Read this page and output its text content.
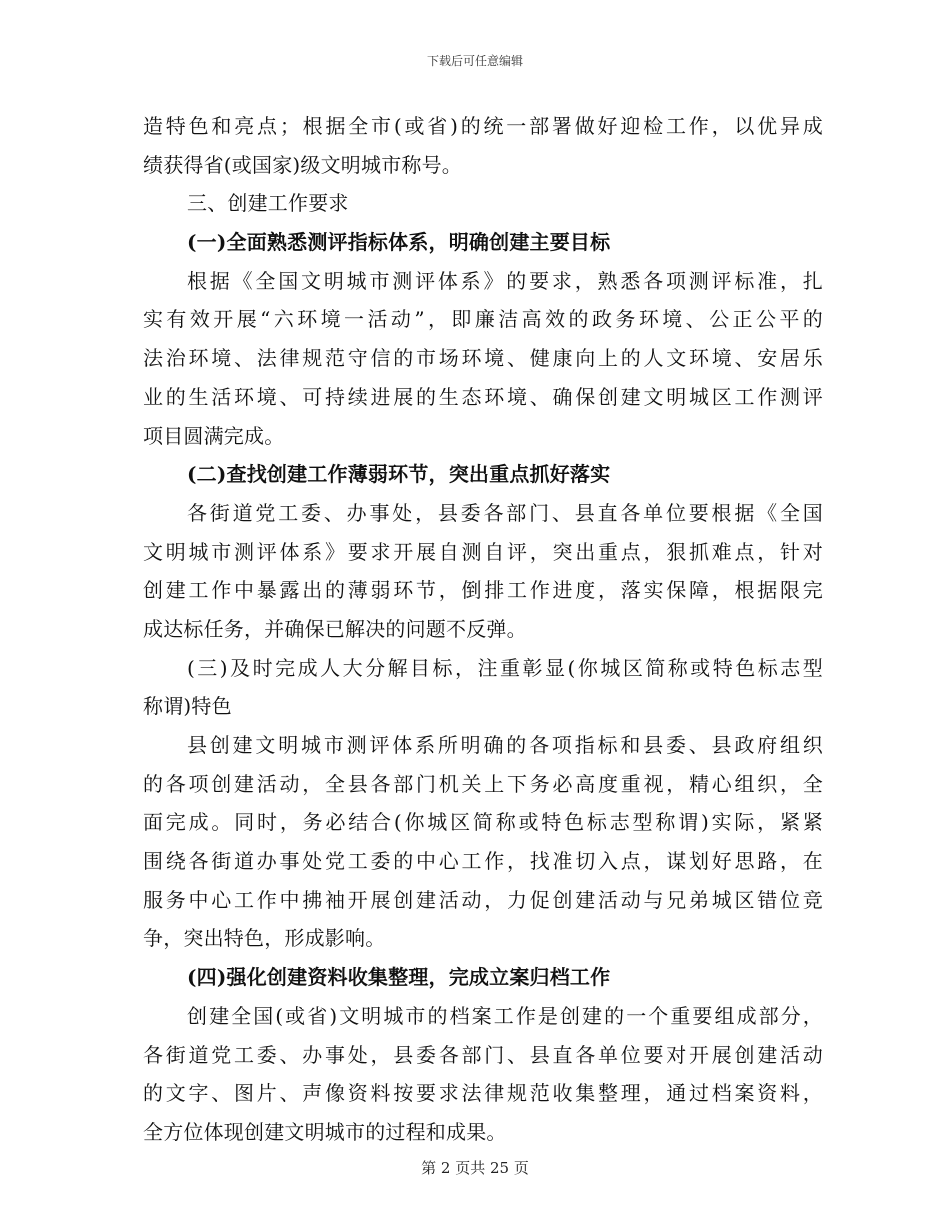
下载后可任意编辑
造特色和亮点；根据全市(或省)的统一部署做好迎检工作，以优异成
绩获得省(或国家)级文明城市称号。
三、创建工作要求
(一)全面熟悉测评指标体系，明确创建主要目标
根据《全国文明城市测评体系》的要求，熟悉各项测评标准，扎
实有效开展“六环境一活动”，即廉洁高效的政务环境、公正公平的
法治环境、法律规范守信的市场环境、健康向上的人文环境、安居乐
业的生活环境、可持续进展的生态环境、确保创建文明城区工作测评
项目圆满完成。
(二)查找创建工作薄弱环节，突出重点抓好落实
各街道党工委、办事处，县委各部门、县直各单位要根据《全国
文明城市测评体系》要求开展自测自评，突出重点，狠抓难点，针对
创建工作中暴露出的薄弱环节，倒排工作进度，落实保障，根据限完
成达标任务，并确保已解决的问题不反弹。
(三)及时完成人大分解目标，注重彰显(你城区简称或特色标志型
称谓)特色
县创建文明城市测评体系所明确的各项指标和县委、县政府组织
的各项创建活动，全县各部门机关上下务必高度重视，精心组织，全
面完成。同时，务必结合(你城区简称或特色标志型称谓)实际，紧紧
围绕各街道办事处党工委的中心工作，找准切入点，谋划好思路，在
服务中心工作中拂袖开展创建活动，力促创建活动与兄弟城区错位竞
争，突出特色，形成影响。
(四)强化创建资料收集整理，完成立案归档工作
创建全国(或省)文明城市的档案工作是创建的一个重要组成部分，
各街道党工委、办事处，县委各部门、县直各单位要对开展创建活动
的文字、图片、声像资料按要求法律规范收集整理，通过档案资料，
全方位体现创建文明城市的过程和成果。
第 2 页共 25 页
